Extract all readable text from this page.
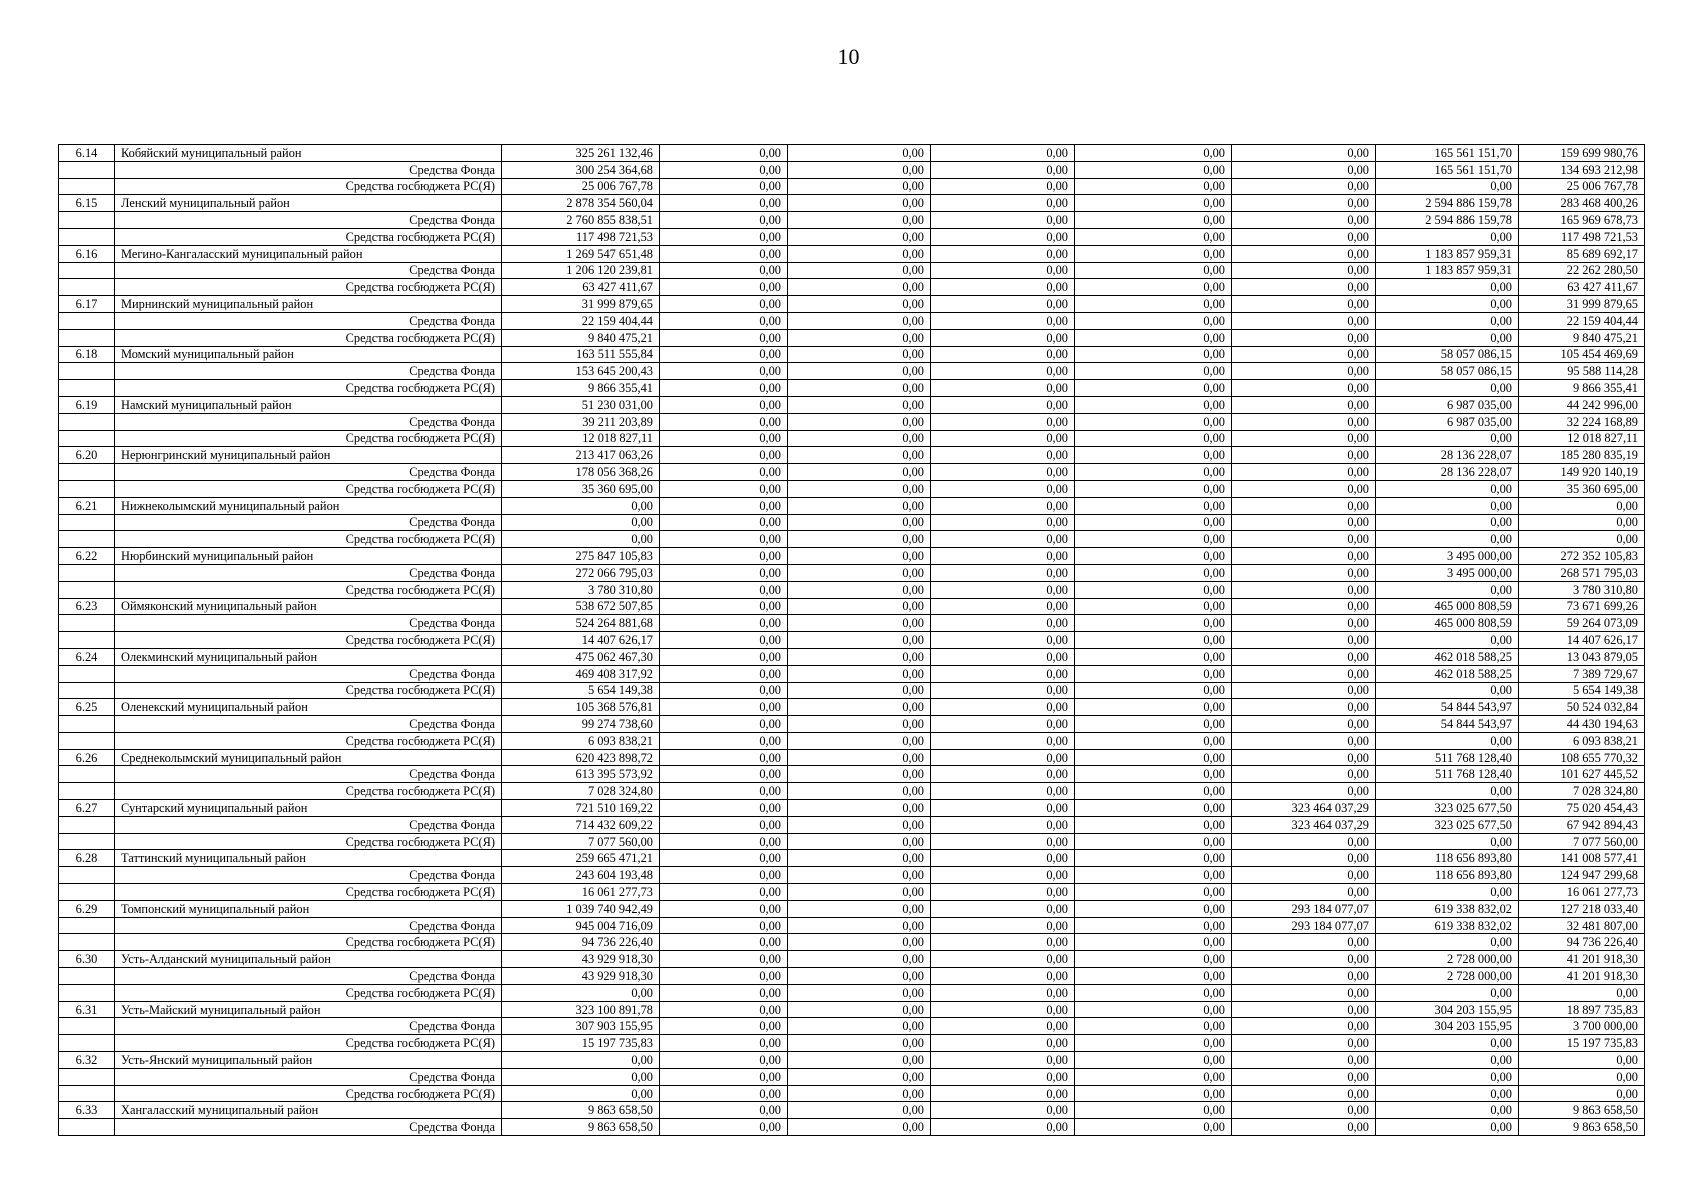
10
6.14	Кобяйский муниципальный район	325 261 132,46	0,00	0,00	0,00	0,00	0,00	165 561 151,70	159 699 980,76
	Средства Фонда	300 254 364,68	0,00	0,00	0,00	0,00	0,00	165 561 151,70	134 693 212,98
	Средства госбюджета РС(Я)	25 006 767,78	0,00	0,00	0,00	0,00	0,00	0,00	25 006 767,78
6.15	Ленский муниципальный район	2 878 354 560,04	0,00	0,00	0,00	0,00	0,00	2 594 886 159,78	283 468 400,26
	Средства Фонда	2 760 855 838,51	0,00	0,00	0,00	0,00	0,00	2 594 886 159,78	165 969 678,73
	Средства госбюджета РС(Я)	117 498 721,53	0,00	0,00	0,00	0,00	0,00	0,00	117 498 721,53
6.16	Мегино-Кангаласский муниципальный район	1 269 547 651,48	0,00	0,00	0,00	0,00	0,00	1 183 857 959,31	85 689 692,17
	Средства Фонда	1 206 120 239,81	0,00	0,00	0,00	0,00	0,00	1 183 857 959,31	22 262 280,50
	Средства госбюджета РС(Я)	63 427 411,67	0,00	0,00	0,00	0,00	0,00	0,00	63 427 411,67
6.17	Мирнинский муниципальный район	31 999 879,65	0,00	0,00	0,00	0,00	0,00	0,00	31 999 879,65
	Средства Фонда	22 159 404,44	0,00	0,00	0,00	0,00	0,00	0,00	22 159 404,44
	Средства госбюджета РС(Я)	9 840 475,21	0,00	0,00	0,00	0,00	0,00	0,00	9 840 475,21
6.18	Момский муниципальный район	163 511 555,84	0,00	0,00	0,00	0,00	0,00	58 057 086,15	105 454 469,69
	Средства Фонда	153 645 200,43	0,00	0,00	0,00	0,00	0,00	58 057 086,15	95 588 114,28
	Средства госбюджета РС(Я)	9 866 355,41	0,00	0,00	0,00	0,00	0,00	0,00	9 866 355,41
6.19	Намский муниципальный район	51 230 031,00	0,00	0,00	0,00	0,00	0,00	6 987 035,00	44 242 996,00
	Средства Фонда	39 211 203,89	0,00	0,00	0,00	0,00	0,00	6 987 035,00	32 224 168,89
	Средства госбюджета РС(Я)	12 018 827,11	0,00	0,00	0,00	0,00	0,00	0,00	12 018 827,11
6.20	Нерюнгринский муниципальный район	213 417 063,26	0,00	0,00	0,00	0,00	0,00	28 136 228,07	185 280 835,19
	Средства Фонда	178 056 368,26	0,00	0,00	0,00	0,00	0,00	28 136 228,07	149 920 140,19
	Средства госбюджета РС(Я)	35 360 695,00	0,00	0,00	0,00	0,00	0,00	0,00	35 360 695,00
6.21	Нижнеколымский муниципальный район	0,00	0,00	0,00	0,00	0,00	0,00	0,00	0,00
	Средства Фонда	0,00	0,00	0,00	0,00	0,00	0,00	0,00	0,00
	Средства госбюджета РС(Я)	0,00	0,00	0,00	0,00	0,00	0,00	0,00	0,00
6.22	Нюрбинский муниципальный район	275 847 105,83	0,00	0,00	0,00	0,00	0,00	3 495 000,00	272 352 105,83
	Средства Фонда	272 066 795,03	0,00	0,00	0,00	0,00	0,00	3 495 000,00	268 571 795,03
	Средства госбюджета РС(Я)	3 780 310,80	0,00	0,00	0,00	0,00	0,00	0,00	3 780 310,80
6.23	Оймяконский муниципальный район	538 672 507,85	0,00	0,00	0,00	0,00	0,00	465 000 808,59	73 671 699,26
	Средства Фонда	524 264 881,68	0,00	0,00	0,00	0,00	0,00	465 000 808,59	59 264 073,09
	Средства госбюджета РС(Я)	14 407 626,17	0,00	0,00	0,00	0,00	0,00	0,00	14 407 626,17
6.24	Олекминский муниципальный район	475 062 467,30	0,00	0,00	0,00	0,00	0,00	462 018 588,25	13 043 879,05
	Средства Фонда	469 408 317,92	0,00	0,00	0,00	0,00	0,00	462 018 588,25	7 389 729,67
	Средства госбюджета РС(Я)	5 654 149,38	0,00	0,00	0,00	0,00	0,00	0,00	5 654 149,38
6.25	Оленекский муниципальный район	105 368 576,81	0,00	0,00	0,00	0,00	0,00	54 844 543,97	50 524 032,84
	Средства Фонда	99 274 738,60	0,00	0,00	0,00	0,00	0,00	54 844 543,97	44 430 194,63
	Средства госбюджета РС(Я)	6 093 838,21	0,00	0,00	0,00	0,00	0,00	0,00	6 093 838,21
6.26	Среднеколымский муниципальный район	620 423 898,72	0,00	0,00	0,00	0,00	0,00	511 768 128,40	108 655 770,32
	Средства Фонда	613 395 573,92	0,00	0,00	0,00	0,00	0,00	511 768 128,40	101 627 445,52
	Средства госбюджета РС(Я)	7 028 324,80	0,00	0,00	0,00	0,00	0,00	0,00	7 028 324,80
6.27	Сунтарский муниципальный район	721 510 169,22	0,00	0,00	0,00	0,00	323 464 037,29	323 025 677,50	75 020 454,43
	Средства Фонда	714 432 609,22	0,00	0,00	0,00	0,00	323 464 037,29	323 025 677,50	67 942 894,43
	Средства госбюджета РС(Я)	7 077 560,00	0,00	0,00	0,00	0,00	0,00	0,00	7 077 560,00
6.28	Таттинский муниципальный район	259 665 471,21	0,00	0,00	0,00	0,00	0,00	118 656 893,80	141 008 577,41
	Средства Фонда	243 604 193,48	0,00	0,00	0,00	0,00	0,00	118 656 893,80	124 947 299,68
	Средства госбюджета РС(Я)	16 061 277,73	0,00	0,00	0,00	0,00	0,00	0,00	16 061 277,73
6.29	Томпонский муниципальный район	1 039 740 942,49	0,00	0,00	0,00	0,00	293 184 077,07	619 338 832,02	127 218 033,40
	Средства Фонда	945 004 716,09	0,00	0,00	0,00	0,00	293 184 077,07	619 338 832,02	32 481 807,00
	Средства госбюджета РС(Я)	94 736 226,40	0,00	0,00	0,00	0,00	0,00	0,00	94 736 226,40
6.30	Усть-Алданский муниципальный район	43 929 918,30	0,00	0,00	0,00	0,00	0,00	2 728 000,00	41 201 918,30
	Средства Фонда	43 929 918,30	0,00	0,00	0,00	0,00	0,00	2 728 000,00	41 201 918,30
	Средства госбюджета РС(Я)	0,00	0,00	0,00	0,00	0,00	0,00	0,00	0,00
6.31	Усть-Майский муниципальный район	323 100 891,78	0,00	0,00	0,00	0,00	0,00	304 203 155,95	18 897 735,83
	Средства Фонда	307 903 155,95	0,00	0,00	0,00	0,00	0,00	304 203 155,95	3 700 000,00
	Средства госбюджета РС(Я)	15 197 735,83	0,00	0,00	0,00	0,00	0,00	0,00	15 197 735,83
6.32	Усть-Янский муниципальный район	0,00	0,00	0,00	0,00	0,00	0,00	0,00	0,00
	Средства Фонда	0,00	0,00	0,00	0,00	0,00	0,00	0,00	0,00
	Средства госбюджета РС(Я)	0,00	0,00	0,00	0,00	0,00	0,00	0,00	0,00
6.33	Хангаласский муниципальный район	9 863 658,50	0,00	0,00	0,00	0,00	0,00	0,00	9 863 658,50
	Средства Фонда	9 863 658,50	0,00	0,00	0,00	0,00	0,00	0,00	9 863 658,50
